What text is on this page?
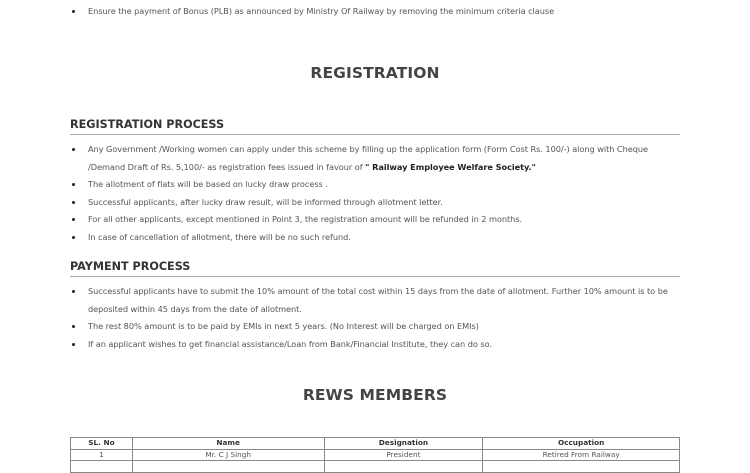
Ensure the payment of Bonus (PLB) as announced by Ministry Of Railway by removing the minimum criteria clause
REGISTRATION
REGISTRATION PROCESS
Any Government /Working women can apply under this scheme by filling up the application form (Form Cost Rs. 100/-) along with Cheque /Demand Draft of Rs. 5,100/- as registration fees issued in favour of " Railway Employee Welfare Society."
The allotment of flats will be based on lucky draw process .
Successful applicants, after lucky draw result, will be informed through allotment letter.
For all other applicants, except mentioned in Point 3, the registration amount will be refunded in 2 months.
In case of cancellation of allotment, there will be no such refund.
PAYMENT PROCESS
Successful applicants have to submit the 10% amount of the total cost within 15 days from the date of allotment. Further 10% amount is to be deposited within 45 days from the date of allotment.
The rest 80% amount is to be paid by EMIs in next 5 years. (No Interest will be charged on EMIs)
If an applicant wishes to get financial assistance/Loan from Bank/Financial Institute, they can do so.
REWS MEMBERS
SL. No	Name	Designation	Occupation
1	Mr. C J Singh	President	Retired From Railway
